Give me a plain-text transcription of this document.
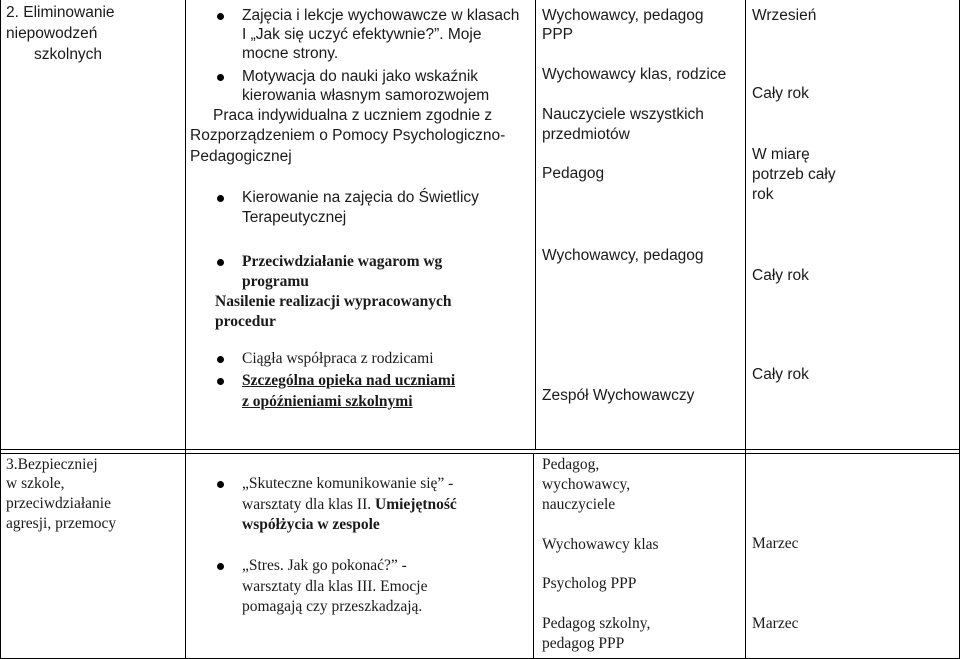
2. Eliminowanie
niepowodzeń
szkolnych
Zajęcia i lekcje wychowawcze w klasach
I „Jak się uczyć efektywnie?”. Moje
mocne strony.
Motywacja do nauki jako wskaźnik
kierowania własnym samorozwojem
Praca indywidualna z uczniem zgodnie z
Rozporządzeniem o Pomocy Psychologiczno-
Pedagogicznej
Kierowanie na zajęcia do Świetlicy
Terapeutycznej
Wychowawcy, pedagog
PPP
Wychowawcy klas, rodzice
Nauczyciele wszystkich
przedmiotów
Pedagog
Wrzesień
Cały rok
W miarę
potrzeb cały
rok
Przeciwdziałanie wagarom wg
programu
Nasilenie realizacji wypracowanych
procedur
Wychowawcy, pedagog
Cały rok
Ciągła współpraca z rodzicami
Szczególna opieka nad uczniami
z opóźnieniami szkolnymi	Zespół Wychowawczy
Cały rok
3.Bezpieczniej
w szkole,
przeciwdziałanie
agresji, przemocy
„Skuteczne komunikowanie się” -
warsztaty dla klas II. Umiejętność
współżycia w zespole
„Stres. Jak go pokonać?” -
warsztaty dla klas III. Emocje
pomagają czy przeszkadzają.
Pedagog,
wychowawcy,
nauczyciele
Wychowawcy klas
Psycholog PPP
Pedagog szkolny,
pedagog PPP
Marzec
Marzec
